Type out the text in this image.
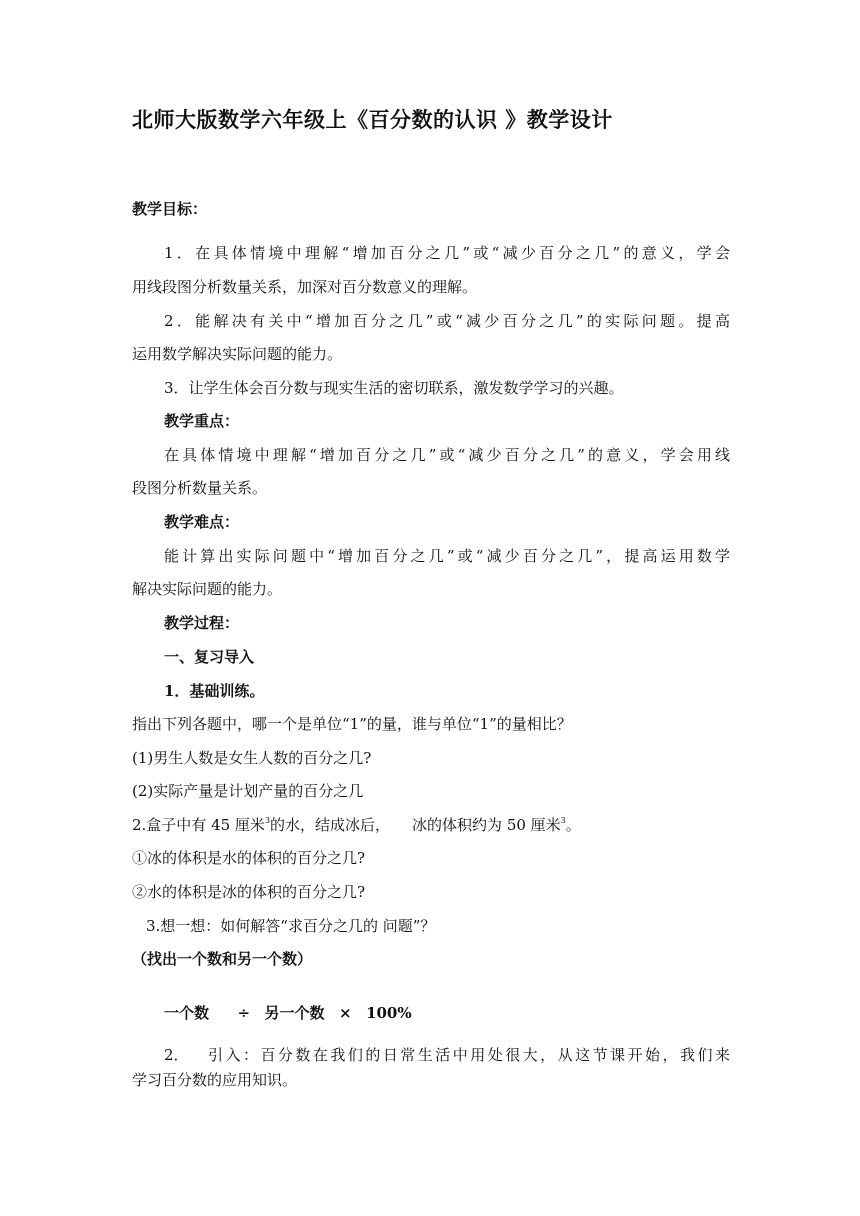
北师大版数学六年级上《百分数的认识 》教学设计
教学目标：
1．在具体情境中理解“增加百分之几”或“减少百分之几”的意义，学会
用线段图分析数量关系，加深对百分数意义的理解。
2．能解决有关中“增加百分之几”或“减少百分之几”的实际问题。提高
运用数学解决实际问题的能力。
3．让学生体会百分数与现实生活的密切联系，激发数学学习的兴趣。
教学重点：
在具体情境中理解“增加百分之几”或“减少百分之几”的意义，学会用线
段图分析数量关系。
教学难点：
能计算出实际问题中“增加百分之几”或“减少百分之几”，提高运用数学
解决实际问题的能力。
教学过程：
一、复习导入
1．基础训练。
指出下列各题中，哪一个是单位“1”的量，谁与单位“1”的量相比？
(1)男生人数是女生人数的百分之几?
(2)实际产量是计划产量的百分之几
2.盒子中有 45 厘米$^3$的水，结成冰后， 冰的体积约为 50 厘米$^3$。
①冰的体积是水的体积的百分之几?
②水的体积是冰的体积的百分之几?
3.想一想：如何解答“求百分之几的 问题”？
（找出一个数和另一个数）
一个数 ÷ 另一个数 × 100%
2． 引入：百分数在我们的日常生活中用处很大，从这节课开始，我们来
学习百分数的应用知识。
